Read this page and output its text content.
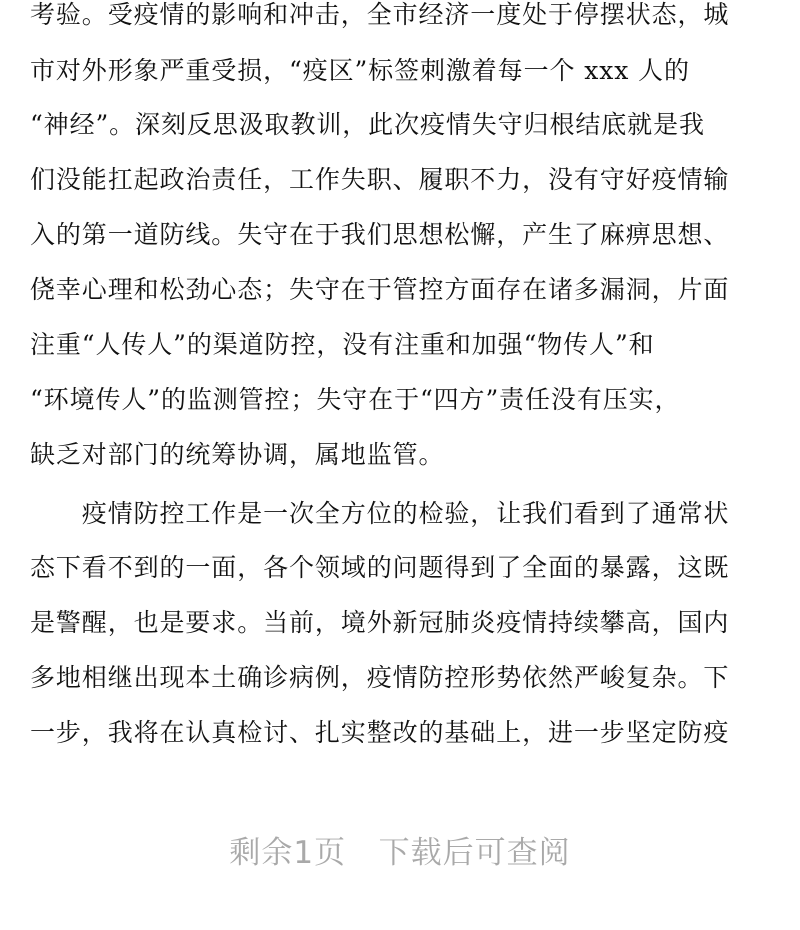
考验。受疫情的影响和冲击，全市经济一度处于停摆状态，城
市对外形象严重受损，“疫区”标签刺激着每一个 xxx 人的
“神经”。深刻反思汲取教训，此次疫情失守归根结底就是我
们没能扛起政治责任，工作失职、履职不力，没有守好疫情输
入的第一道防线。失守在于我们思想松懈，产生了麻痹思想、
侥幸心理和松劲心态；失守在于管控方面存在诸多漏洞，片面
注重“人传人”的渠道防控，没有注重和加强“物传人”和
“环境传人”的监测管控；失守在于“四方”责任没有压实，
缺乏对部门的统筹协调，属地监管。
　　疫情防控工作是一次全方位的检验，让我们看到了通常状
态下看不到的一面，各个领域的问题得到了全面的暴露，这既
是警醒，也是要求。当前，境外新冠肺炎疫情持续攀高，国内
多地相继出现本土确诊病例，疫情防控形势依然严峻复杂。下
一步，我将在认真检讨、扎实整改的基础上，进一步坚定防疫
剩余1页   下载后可查阅
